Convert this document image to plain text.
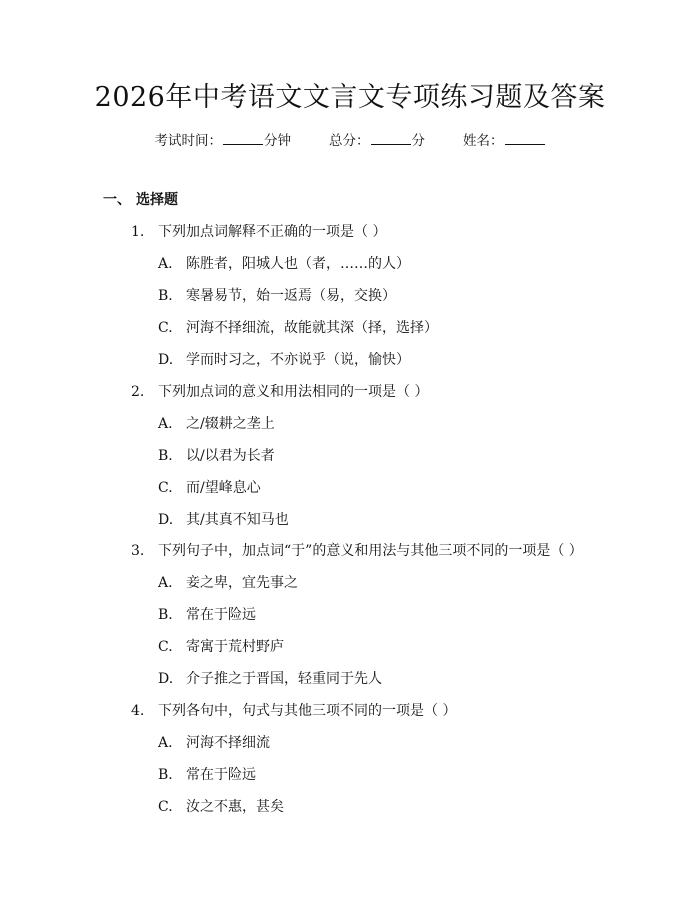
2026年中考语文文言文专项练习题及答案
考试时间：	分钟	总分：	分	姓名：
一、 选择题
1. 下列加点词解释不正确的一项是（ ）
A. 陈胜者，阳城人也（者，……的人）
B. 寒暑易节，始一返焉（易，交换）
C. 河海不择细流，故能就其深（择，选择）
D. 学而时习之，不亦说乎（说，愉快）
2. 下列加点词的意义和用法相同的一项是（ ）
A. 之/辍耕之垄上
B. 以/以君为长者
C. 而/望峰息心
D. 其/其真不知马也
3. 下列句子中，加点词“于”的意义和用法与其他三项不同的一项是（ ）
A. 妾之卑，宜先事之
B. 常在于险远
C. 寄寓于荒村野庐
D. 介子推之于晋国，轻重同于先人
4. 下列各句中，句式与其他三项不同的一项是（ ）
A. 河海不择细流
B. 常在于险远
C. 汝之不惠，甚矣
